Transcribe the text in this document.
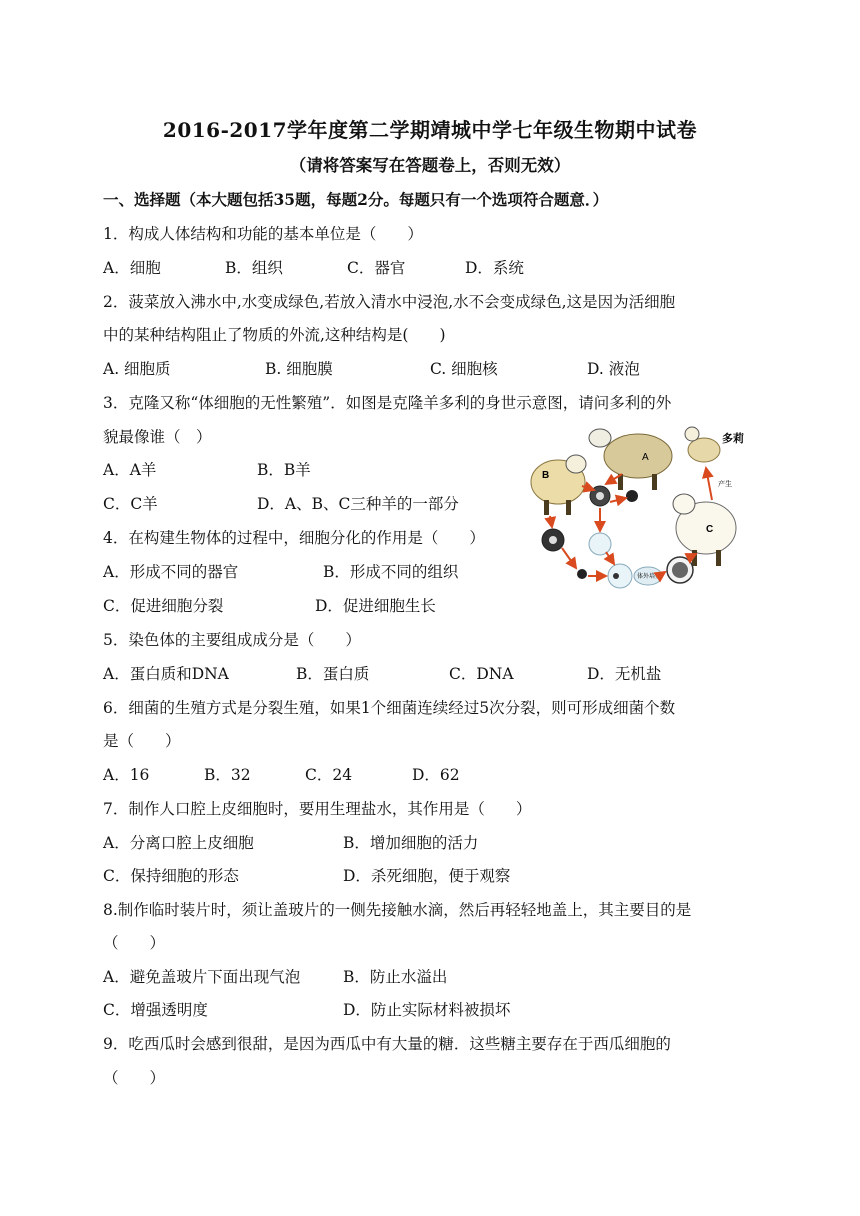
2016-2017学年度第二学期靖城中学七年级生物期中试卷
（请将答案写在答题卷上，否则无效）
一、选择题（本大题包括35题，每题2分。每题只有一个选项符合题意．）
1．构成人体结构和功能的基本单位是（　　）
A．细胞	B．组织	C．器官	D．系统
2．菠菜放入沸水中,水变成绿色,若放入清水中浸泡,水不会变成绿色,这是因为活细胞
中的某种结构阻止了物质的外流,这种结构是(　　)
A. 细胞质	B. 细胞膜	C. 细胞核	D. 液泡
3．克隆又称“体细胞的无性繁殖”．如图是克隆羊多利的身世示意图，请问多利的外
貌最像谁（　）
A．A羊	B．B羊
C．C羊	D．A、B、C三种羊的一部分
4．在构建生物体的过程中，细胞分化的作用是（　　）
A．形成不同的器官	B．形成不同的组织
C．促进细胞分裂	D．促进细胞生长
5．染色体的主要组成成分是（　　）
A．蛋白质和DNA	B．蛋白质	C．DNA	D．无机盐
6．细菌的生殖方式是分裂生殖，如果1个细菌连续经过5次分裂，则可形成细菌个数
是（　　）
A．16	B．32	C．24	D．62
7．制作人口腔上皮细胞时，要用生理盐水，其作用是（　　）
A．分离口腔上皮细胞	B．增加细胞的活力
C．保持细胞的形态	D．杀死细胞，便于观察
8.制作临时装片时，须让盖玻片的一侧先接触水滴，然后再轻轻地盖上，其主要目的是
（　　）
A．避免盖玻片下面出现气泡	B．防止水溢出
C．增强透明度	D．防止实际材料被损坏
9．吃西瓜时会感到很甜，是因为西瓜中有大量的糖．这些糖主要存在于西瓜细胞的
（　　）
A
B
C
多莉
产生
体外培养
